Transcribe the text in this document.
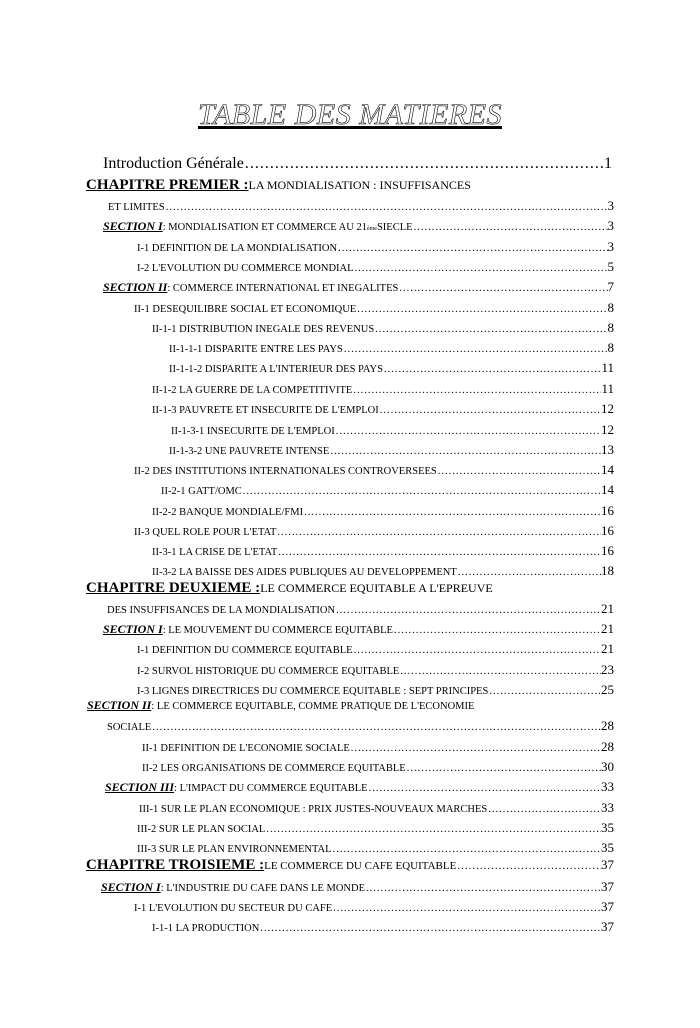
TABLE DES MATIERES
Introduction Générale .....	1
CHAPITRE PREMIER : LA MONDIALISATION : INSUFFISANCES
ET LIMITES .....	3
SECTION I : MONDIALISATION ET COMMERCE AU 21 ème SIECLE .....	3
I-1 DEFINITION DE LA MONDIALISATION .....	3
I-2 L'EVOLUTION DU COMMERCE MONDIAL .....	5
SECTION II : COMMERCE INTERNATIONAL ET INEGALITES .....	7
II-1 DESEQUILIBRE SOCIAL ET ECONOMIQUE .....	8
II-1-1 DISTRIBUTION INEGALE DES REVENUS .....	8
II-1-1-1 DISPARITE ENTRE LES PAYS .....	8
II-1-1-2 DISPARITE A L'INTERIEUR DES PAYS .....	11
II-1-2 LA GUERRE DE LA COMPETITIVITE .....	11
II-1-3 PAUVRETE ET INSECURITE DE L'EMPLOI .....	12
II-1-3-1 INSECURITE DE L'EMPLOI .....	12
II-1-3-2 UNE PAUVRETE INTENSE .....	13
II-2 DES INSTITUTIONS INTERNATIONALES CONTROVERSEES .....	14
II-2-1 GATT/OMC .....	14
II-2-2 BANQUE MONDIALE/FMI .....	16
II-3 QUEL ROLE POUR L'ETAT .....	16
II-3-1 LA CRISE DE L'ETAT .....	16
II-3-2 LA BAISSE DES AIDES PUBLIQUES AU DEVELOPPEMENT .....	18
CHAPITRE DEUXIEME : LE COMMERCE EQUITABLE A L'EPREUVE
DES INSUFFISANCES DE LA MONDIALISATION .....	21
SECTION I : LE MOUVEMENT DU COMMERCE EQUITABLE .....	21
I-1 DEFINITION DU COMMERCE EQUITABLE .....	21
I-2 SURVOL HISTORIQUE DU COMMERCE EQUITABLE .....	23
I-3 LIGNES DIRECTRICES DU COMMERCE EQUITABLE : SEPT PRINCIPES .....	25
SECTION II : LE COMMERCE EQUITABLE, COMME PRATIQUE DE L'ECONOMIE
SOCIALE .....	28
II-1 DEFINITION DE L'ECONOMIE SOCIALE .....	28
II-2 LES ORGANISATIONS DE COMMERCE EQUITABLE .....	30
SECTION III : L'IMPACT DU COMMERCE EQUITABLE .....	33
III-1 SUR LE PLAN ECONOMIQUE : PRIX JUSTES-NOUVEAUX MARCHES .....	33
III-2 SUR LE PLAN SOCIAL .....	35
III-3 SUR LE PLAN ENVIRONNEMENTAL .....	35
CHAPITRE TROISIEME : LE COMMERCE DU CAFE EQUITABLE .....	37
SECTION I : L'INDUSTRIE DU CAFE DANS LE MONDE .....	37
I-1 L'EVOLUTION DU SECTEUR DU CAFE .....	37
I-1-1 LA PRODUCTION .....	37
